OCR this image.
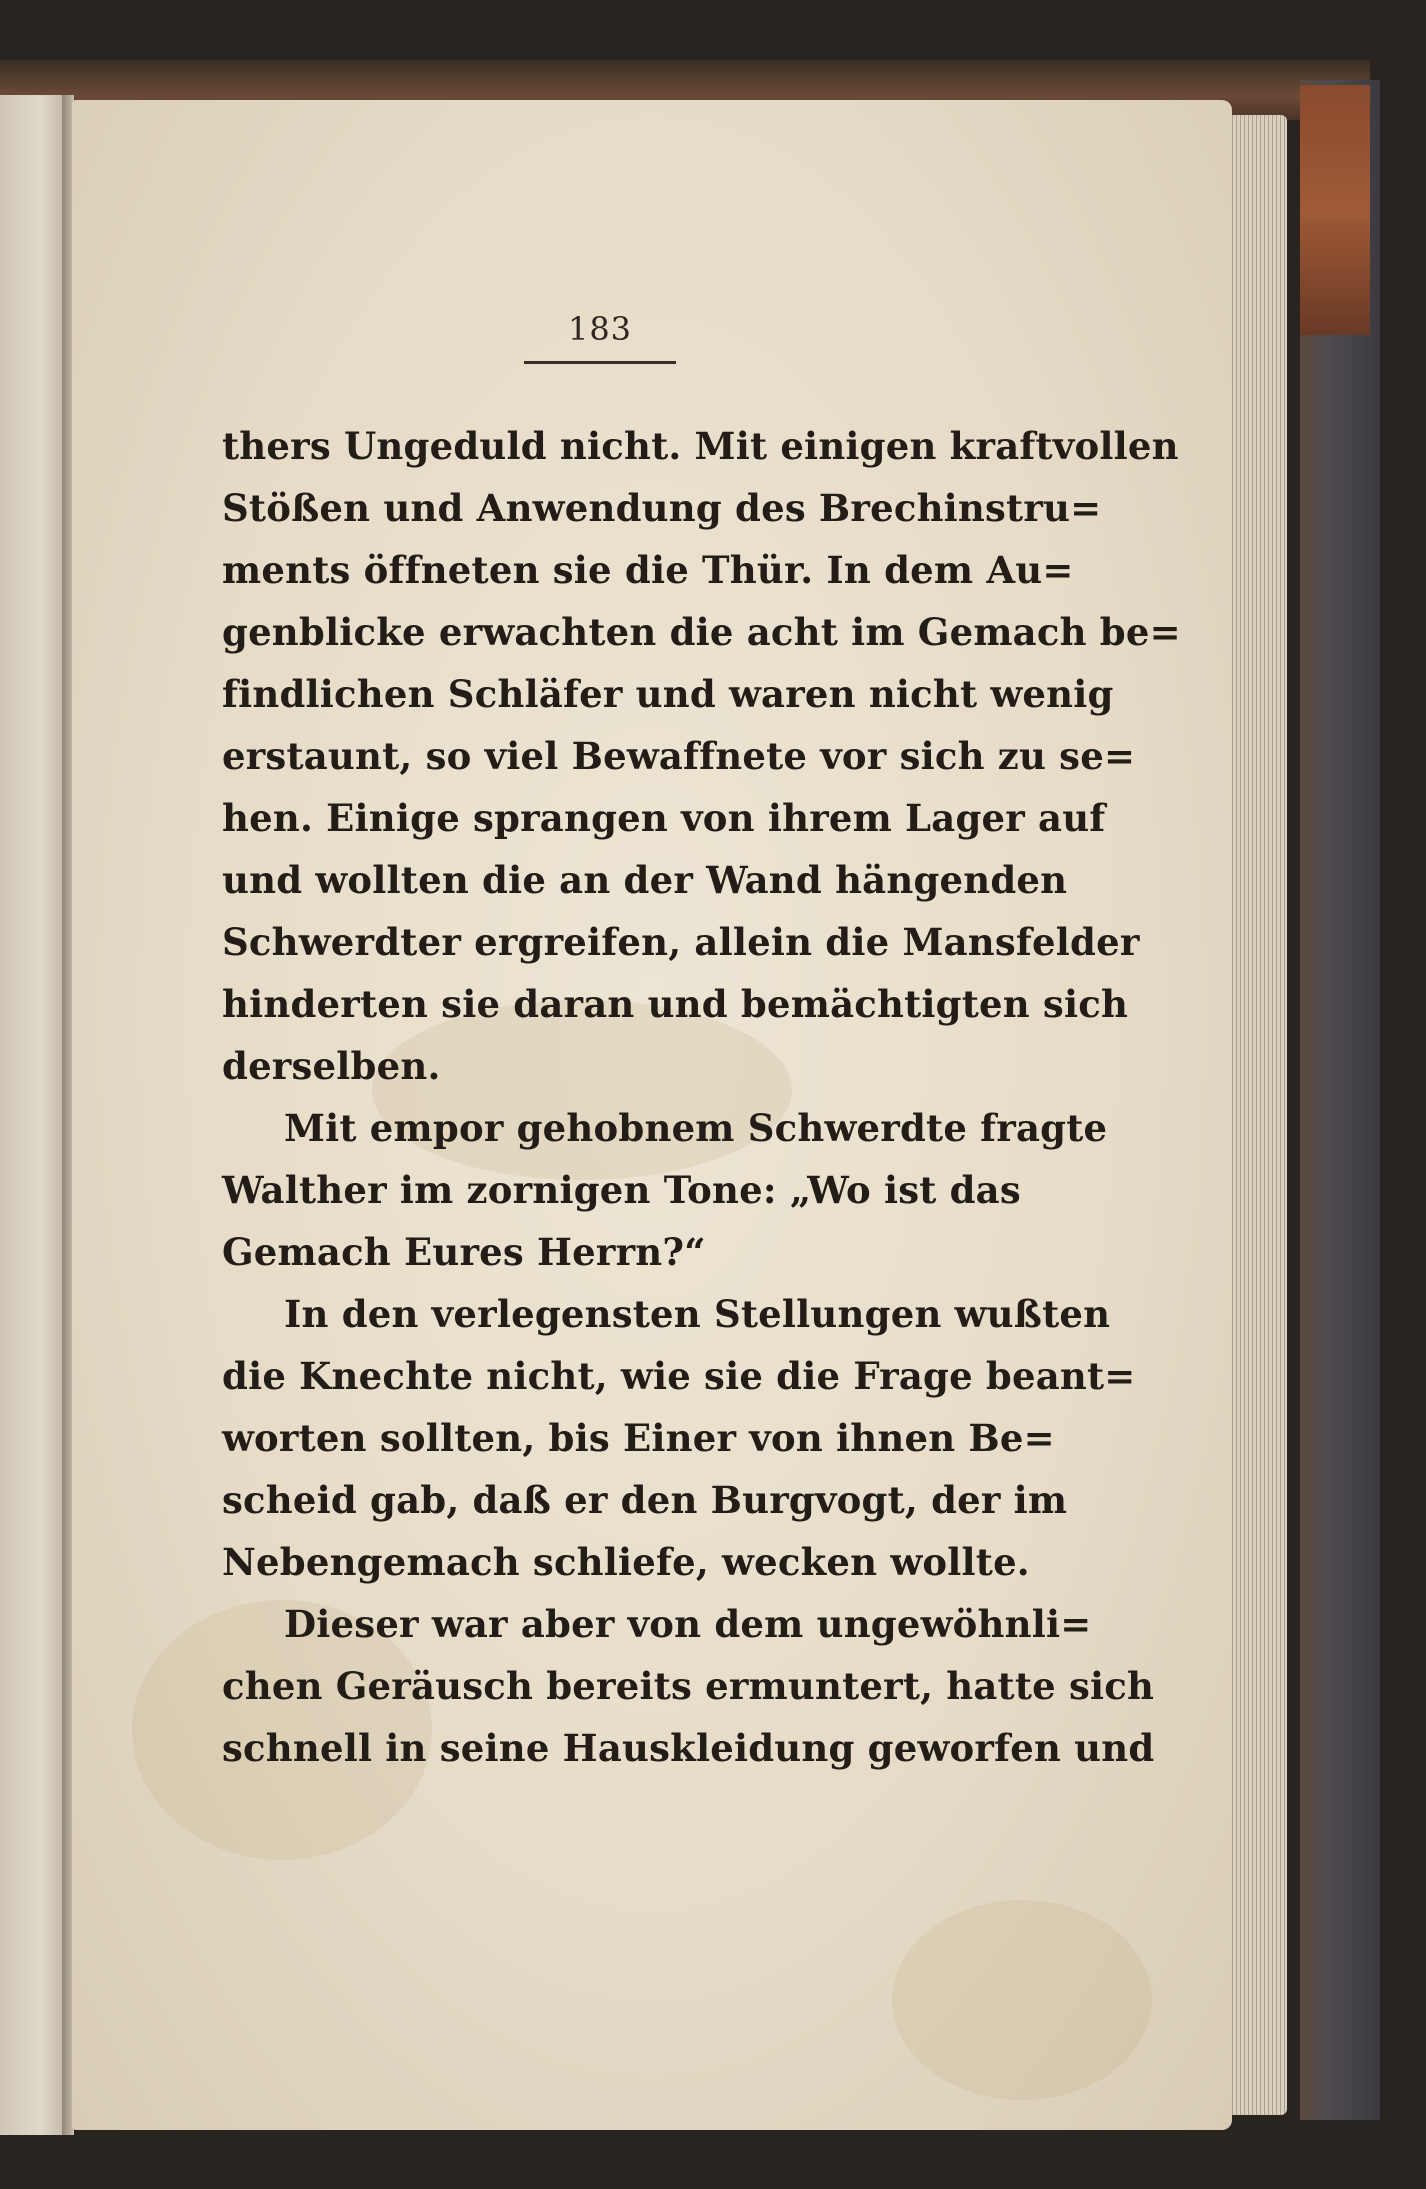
183
thers Ungeduld nicht. Mit einigen kraftvollen
Stößen und Anwendung des Brechinstru=
ments öffneten sie die Thür. In dem Au=
genblicke erwachten die acht im Gemach be=
findlichen Schläfer und waren nicht wenig
erstaunt, so viel Bewaffnete vor sich zu se=
hen. Einige sprangen von ihrem Lager auf
und wollten die an der Wand hängenden
Schwerdter ergreifen, allein die Mansfelder
hinderten sie daran und bemächtigten sich
derselben.
Mit empor gehobnem Schwerdte fragte
Walther im zornigen Tone: „Wo ist das
Gemach Eures Herrn?“
In den verlegensten Stellungen wußten
die Knechte nicht, wie sie die Frage beant=
worten sollten, bis Einer von ihnen Be=
scheid gab, daß er den Burgvogt, der im
Nebengemach schliefe, wecken wollte.
Dieser war aber von dem ungewöhnli=
chen Geräusch bereits ermuntert, hatte sich
schnell in seine Hauskleidung geworfen und
